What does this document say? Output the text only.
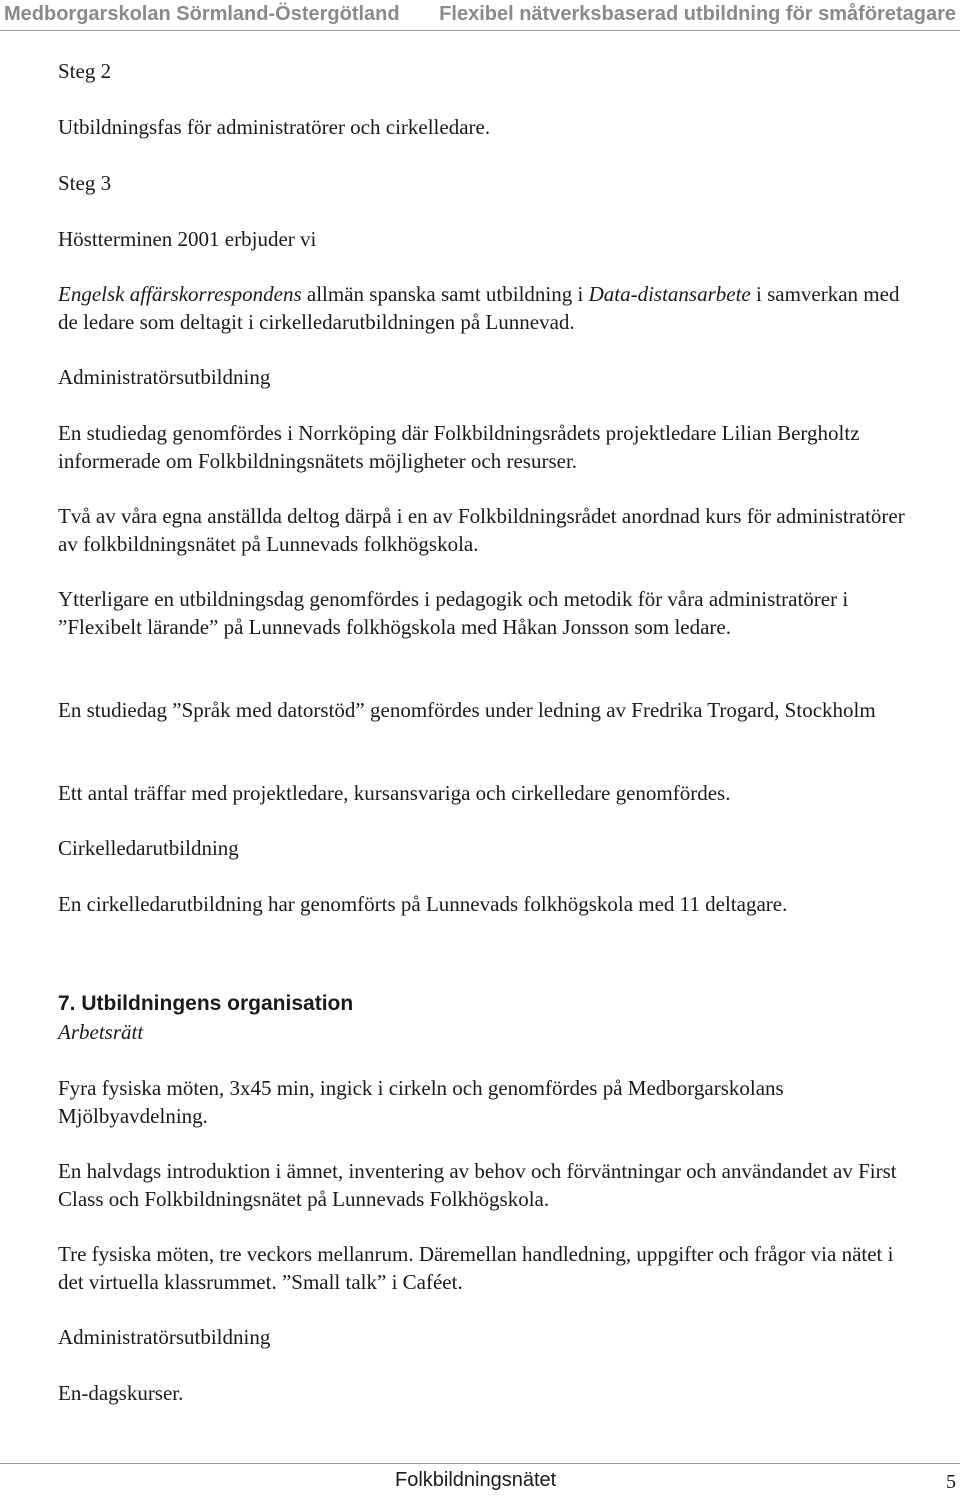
Medborgarskolan Sörmland-Östergötland Flexibel nätverksbaserad utbildning för småföretagare

Steg 2

Utbildningsfas för administratörer och cirkelledare.

Steg 3

Höstterminen 2001 erbjuder vi

Engelsk affärskorrespondens allmän spanska samt utbildning i Data-distansarbete i samverkan med de ledare som deltagit i cirkelledarutbildningen på Lunnevad.

Administratörsutbildning

En studiedag genomfördes i Norrköping där Folkbildningsrådets projektledare Lilian Bergholtz informerade om Folkbildningsnätets möjligheter och resurser.

Två av våra egna anställda deltog därpå i en av Folkbildningsrådet anordnad kurs för administratörer av folkbildningsnätet på Lunnevads folkhögskola.

Ytterligare en utbildningsdag genomfördes i pedagogik och metodik för våra administratörer i ”Flexibelt lärande” på Lunnevads folkhögskola med Håkan Jonsson som ledare.

En studiedag ”Språk med datorstöd” genomfördes under ledning av Fredrika Trogard, Stockholm

Ett antal träffar med projektledare, kursansvariga och cirkelledare genomfördes.

Cirkelledarutbildning

En cirkelledarutbildning har genomförts på Lunnevads folkhögskola med 11 deltagare.

7. Utbildningens organisation

Arbetsrätt

Fyra fysiska möten, 3x45 min, ingick i cirkeln och genomfördes på Medborgarskolans Mjölbyavdelning.

En halvdags introduktion i ämnet, inventering av behov och förväntningar och användandet av First Class och Folkbildningsnätet på Lunnevads Folkhögskola.

Tre fysiska möten, tre veckors mellanrum. Däremellan handledning, uppgifter och frågor via nätet i det virtuella klassrummet. ”Small talk” i Caféet.

Administratörsutbildning

En-dagskurser.

Folkbildningsnätet	5
